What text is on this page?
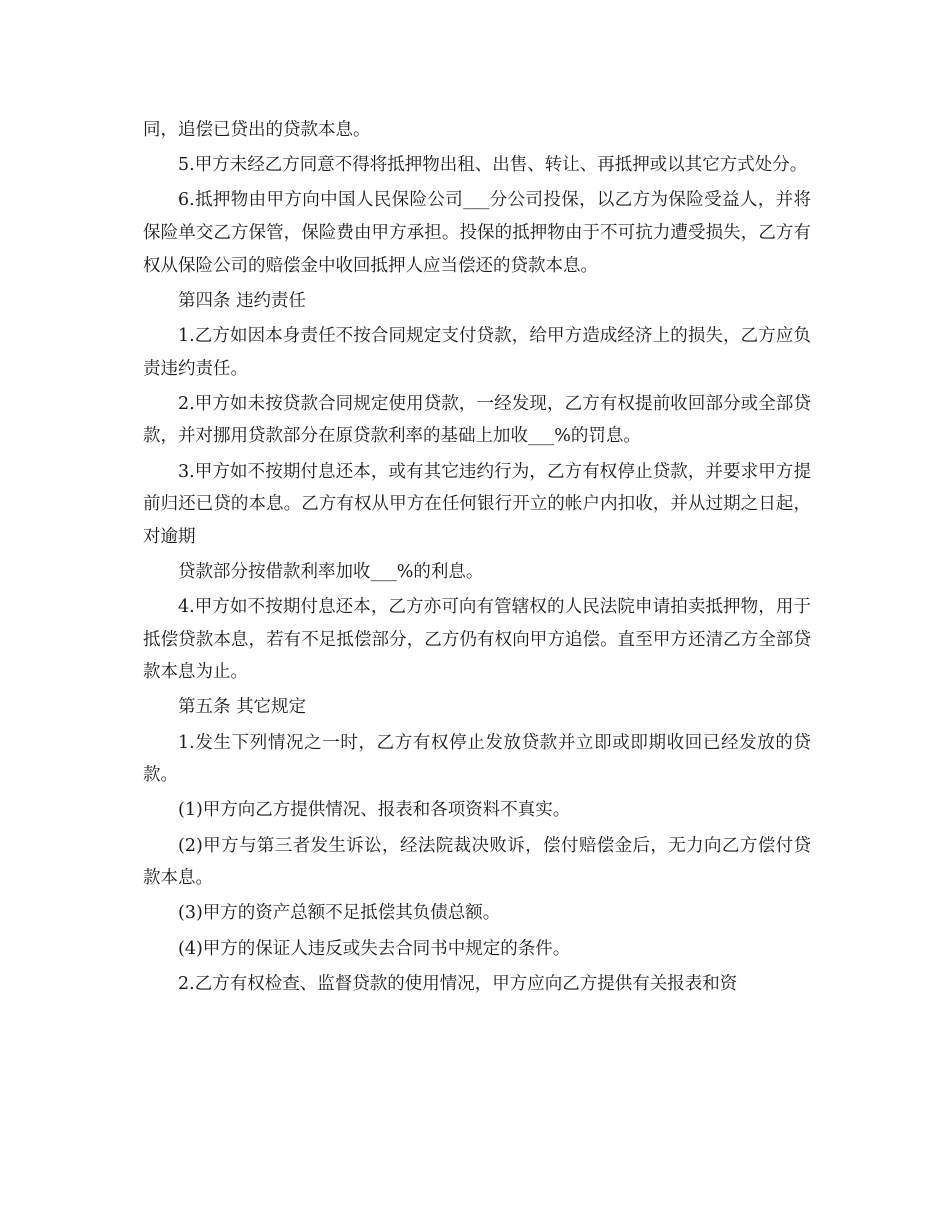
同，追偿已贷出的贷款本息。

5.甲方未经乙方同意不得将抵押物出租、出售、转让、再抵押或以其它方式处分。

6.抵押物由甲方向中国人民保险公司___分公司投保，以乙方为保险受益人，并将保险单交乙方保管，保险费由甲方承担。投保的抵押物由于不可抗力遭受损失，乙方有权从保险公司的赔偿金中收回抵押人应当偿还的贷款本息。

第四条 违约责任

1.乙方如因本身责任不按合同规定支付贷款，给甲方造成经济上的损失，乙方应负责违约责任。

2.甲方如未按贷款合同规定使用贷款，一经发现，乙方有权提前收回部分或全部贷款，并对挪用贷款部分在原贷款利率的基础上加收___%的罚息。

3.甲方如不按期付息还本，或有其它违约行为，乙方有权停止贷款，并要求甲方提前归还已贷的本息。乙方有权从甲方在任何银行开立的帐户内扣收，并从过期之日起，对逾期

贷款部分按借款利率加收___%的利息。

4.甲方如不按期付息还本，乙方亦可向有管辖权的人民法院申请拍卖抵押物，用于抵偿贷款本息，若有不足抵偿部分，乙方仍有权向甲方追偿。直至甲方还清乙方全部贷款本息为止。

第五条 其它规定

1.发生下列情况之一时，乙方有权停止发放贷款并立即或即期收回已经发放的贷款。

(1)甲方向乙方提供情况、报表和各项资料不真实。

(2)甲方与第三者发生诉讼，经法院裁决败诉，偿付赔偿金后，无力向乙方偿付贷款本息。

(3)甲方的资产总额不足抵偿其负债总额。

(4)甲方的保证人违反或失去合同书中规定的条件。

2.乙方有权检查、监督贷款的使用情况，甲方应向乙方提供有关报表和资
